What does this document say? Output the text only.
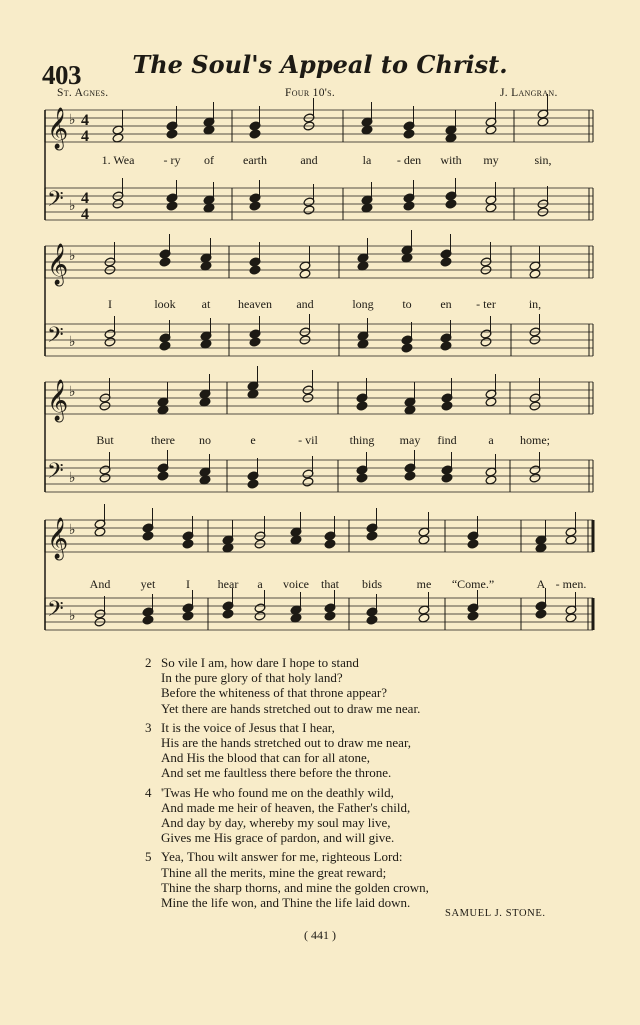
403	The Soul's Appeal to Christ.
St. Agnes.	Four 10's.	J. Langran.
𝄞 ♭ 4
4
𝄢 ♭ 4
4
𝄞 ♭
𝄢 ♭
𝄞 ♭
𝄢 ♭
𝄞 ♭
𝄢 ♭
1. Wea - ry of earth	and	la - den with my	sin,
I	look at heaven and	long to en - ter	in,
But	there no	e	- vil	thing may find	a home;
And	yet	I hear a voice that bids	me “Come.”	A - men.
2 So vile I am, how dare I hope to stand
In the pure glory of that holy land?
Before the whiteness of that throne appear?
Yet there are hands stretched out to draw me near.
3 It is the voice of Jesus that I hear,
His are the hands stretched out to draw me near,
And His the blood that can for all atone,
And set me faultless there before the throne.
4 'Twas He who found me on the deathly wild,
And made me heir of heaven, the Father's child,
And day by day, whereby my soul may live,
Gives me His grace of pardon, and will give.
5 Yea, Thou wilt answer for me, righteous Lord:
Thine all the merits, mine the great reward;
Thine the sharp thorns, and mine the golden crown,
Mine the life won, and Thine the life laid down.
SAMUEL J. STONE.
( 441 )
